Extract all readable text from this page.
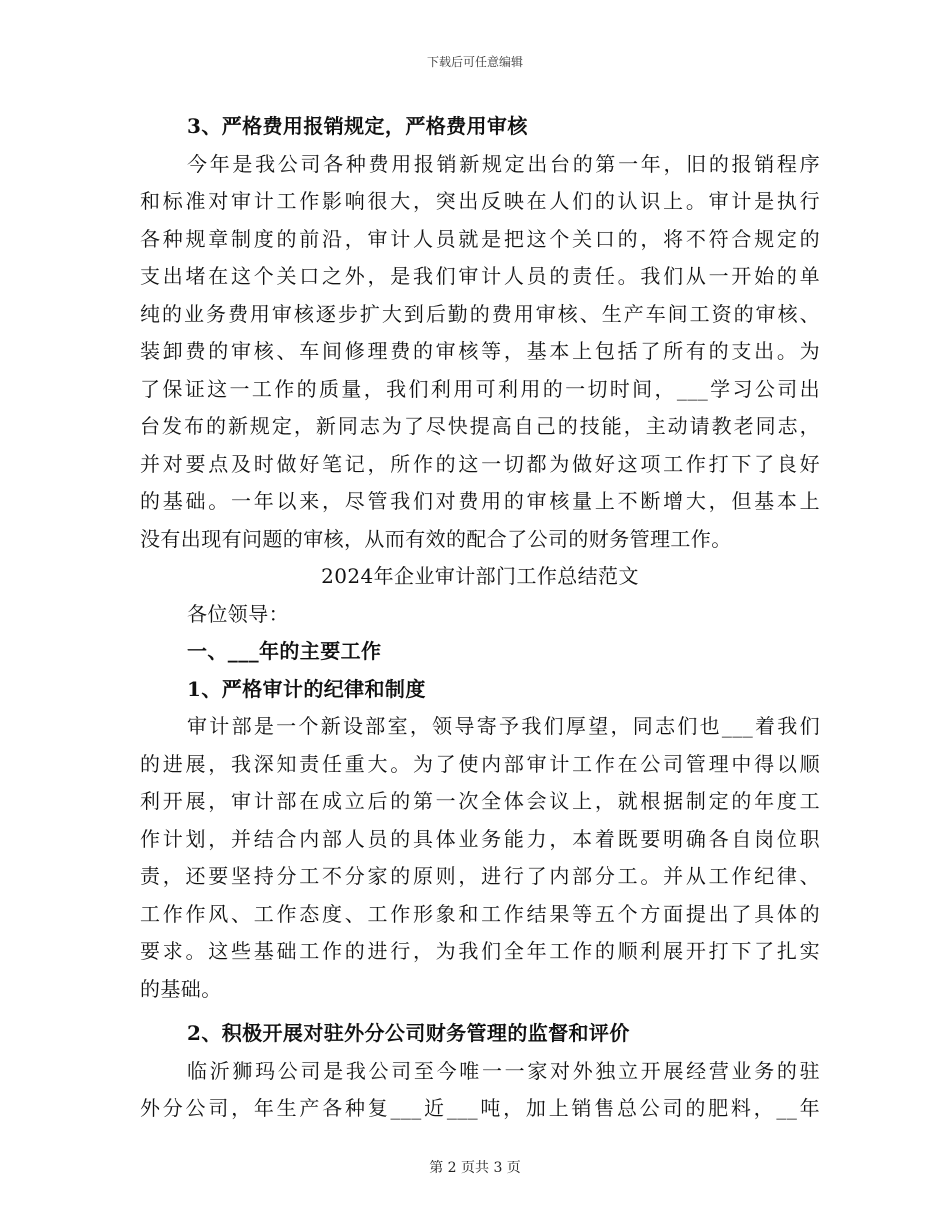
下载后可任意编辑
3、严格费用报销规定，严格费用审核
今年是我公司各种费用报销新规定出台的第一年，旧的报销程序
和标准对审计工作影响很大，突出反映在人们的认识上。审计是执行
各种规章制度的前沿，审计人员就是把这个关口的，将不符合规定的
支出堵在这个关口之外，是我们审计人员的责任。我们从一开始的单
纯的业务费用审核逐步扩大到后勤的费用审核、生产车间工资的审核、
装卸费的审核、车间修理费的审核等，基本上包括了所有的支出。为
了保证这一工作的质量，我们利用可利用的一切时间，___学习公司出
台发布的新规定，新同志为了尽快提高自己的技能，主动请教老同志，
并对要点及时做好笔记，所作的这一切都为做好这项工作打下了良好
的基础。一年以来，尽管我们对费用的审核量上不断增大，但基本上
没有出现有问题的审核，从而有效的配合了公司的财务管理工作。
2024年企业审计部门工作总结范文
各位领导：
一、___年的主要工作
1、严格审计的纪律和制度
审计部是一个新设部室，领导寄予我们厚望，同志们也___着我们
的进展，我深知责任重大。为了使内部审计工作在公司管理中得以顺
利开展，审计部在成立后的第一次全体会议上，就根据制定的年度工
作计划，并结合内部人员的具体业务能力，本着既要明确各自岗位职
责，还要坚持分工不分家的原则，进行了内部分工。并从工作纪律、
工作作风、工作态度、工作形象和工作结果等五个方面提出了具体的
要求。这些基础工作的进行，为我们全年工作的顺利展开打下了扎实
的基础。
2、积极开展对驻外分公司财务管理的监督和评价
临沂狮玛公司是我公司至今唯一一家对外独立开展经营业务的驻
外分公司，年生产各种复___近___吨，加上销售总公司的肥料，__年
第 2 页共 3 页
